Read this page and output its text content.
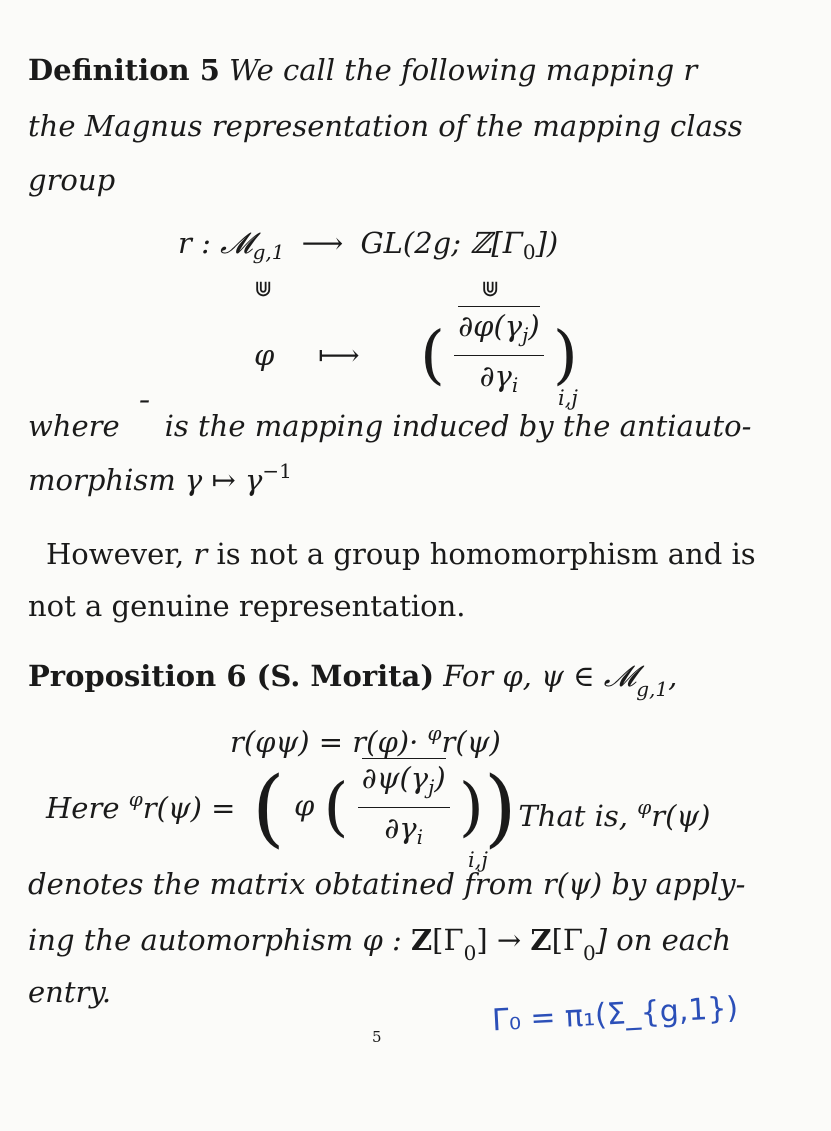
Definition 5 We call the following mapping r
the Magnus representation of the mapping class
group
r : 𝓜$_{g,1}$ ⟶ GL(2g; $ℤ[\Gamma_0]$)
⋓	⋓
φ ⟼ ( $\frac{\partial\varphi(\gamma_j)}{\partial\gamma_i}$ )
i,j
where ¯ is the mapping induced by the antiauto-
morphism γ ↦ $\gamma^{-1}$
However, r is not a group homomorphism and is
not a genuine representation.
Proposition 6 (S. Morita) For φ, ψ ∈ 𝓜$_{g,1}$,
r(φψ) = r(φ)· $^\varphi$r(ψ)
Here $^\varphi$r(ψ) = ( φ ( $\frac{\partial\psi(\gamma_j)}{\partial\gamma_i}$ ))
i,j
. That is, $^\varphi$r(ψ)
denotes the matrix obtatined from r(ψ) by apply-
ing the automorphism φ : $Z[\Gamma_0] \to Z[\Gamma_0]$ on each
entry.	Γ₀ = π₁(Σ_{g,1})
5
